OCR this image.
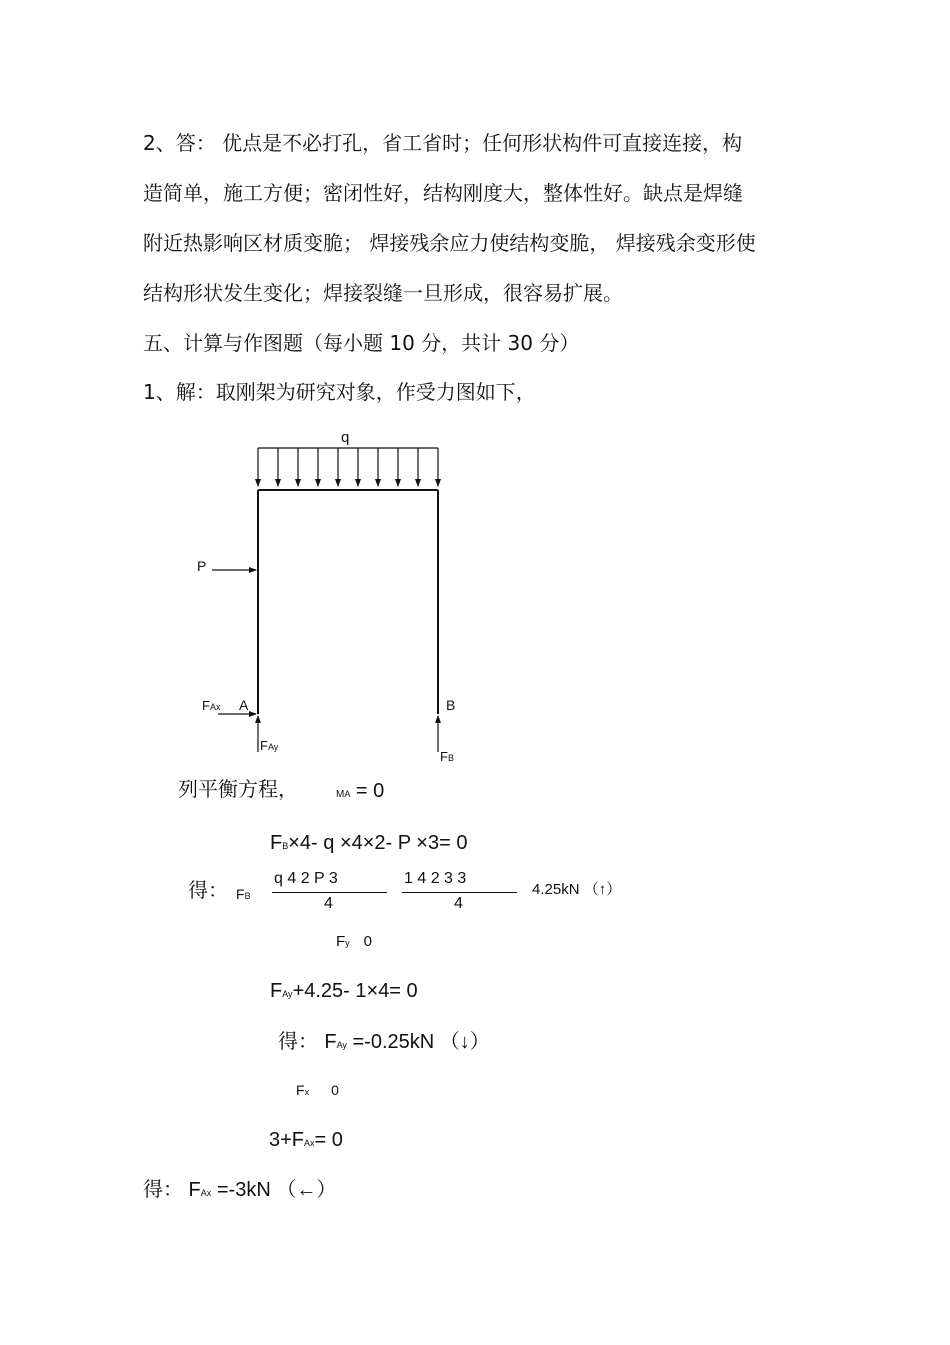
2、答： 优点是不必打孔，省工省时；任何形状构件可直接连接，构
造简单，施工方便；密闭性好，结构刚度大，整体性好。缺点是焊缝
附近热影响区材质变脆； 焊接残余应力使结构变脆， 焊接残余变形使
结构形状发生变化；焊接裂缝一旦形成，很容易扩展。
五、计算与作图题（每小题 10 分，共计 30 分）
1、解：取刚架为研究对象，作受力图如下，
q
P
FAx A
FAy
B
FB
列平衡方程，	MA = 0
FB×4- q ×4×2- P ×3= 0
得： FB
q 4 2 P 3
4
1 4 2 3 3
4
4.25kN （↑）
Fy 0
FAy+4.25- 1×4= 0
得： FAy =-0.25kN （↓）
Fx 0
3+FAx= 0
得： FAx =-3kN （←）
